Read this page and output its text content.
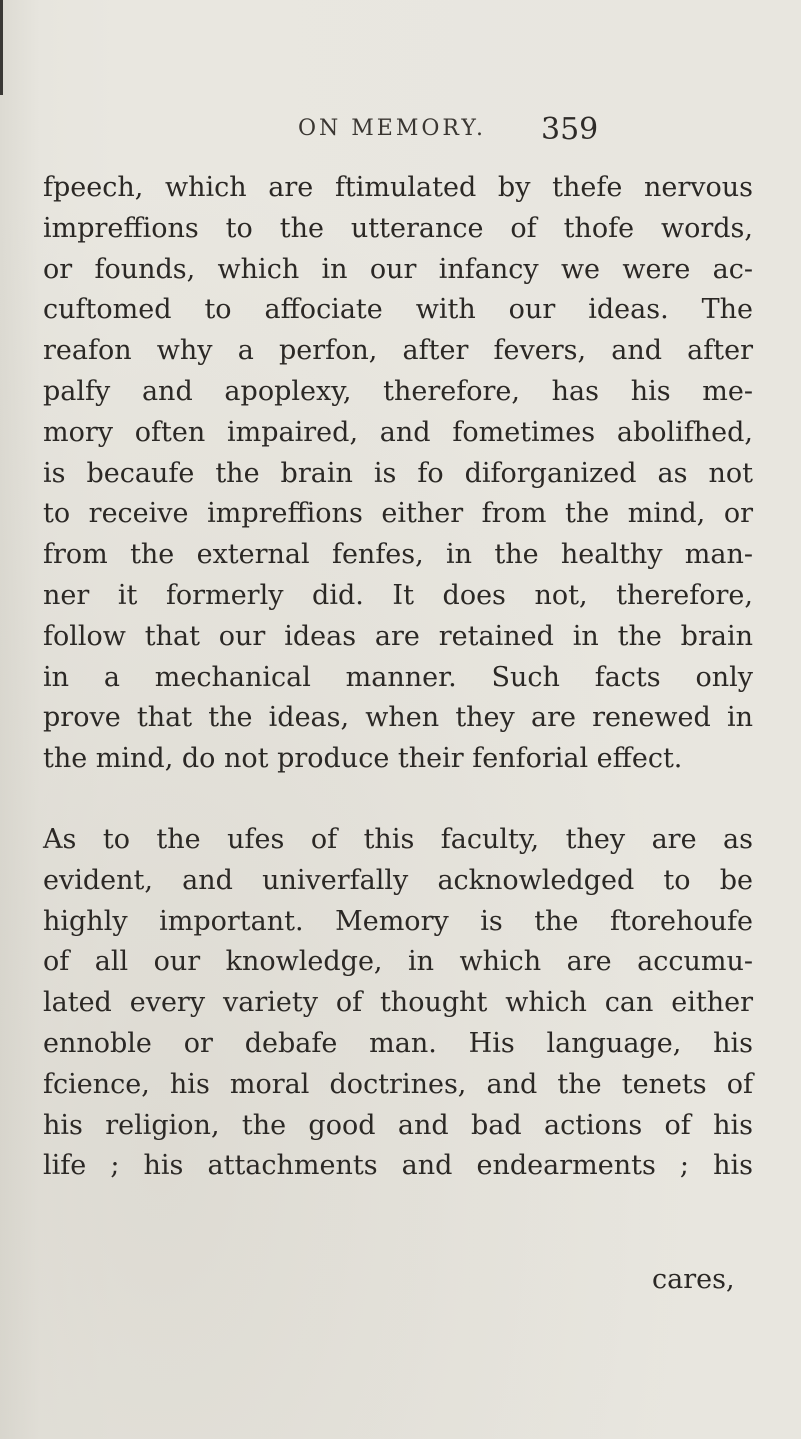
ON MEMORY. 359

fpeech, which are ftimulated by thefe nervous

impreffions to the utterance of thofe words,

or founds, which in our infancy we were ac-

cuftomed to affociate with our ideas. The

reafon why a perfon, after fevers, and after

palfy and apoplexy, therefore, has his me-

mory often impaired, and fometimes abolifhed,

is becaufe the brain is fo diforganized as not

to receive impreffions either from the mind, or

from the external fenfes, in the healthy man-

ner it formerly did. It does not, therefore,

follow that our ideas are retained in the brain

in a mechanical manner. Such facts only

prove that the ideas, when they are renewed in

the mind, do not produce their fenforial effect.

As to the ufes of this faculty, they are as

evident, and univerfally acknowledged to be

highly important. Memory is the ftorehoufe

of all our knowledge, in which are accumu-

lated every variety of thought which can either

ennoble or debafe man. His language, his

fcience, his moral doctrines, and the tenets of

his religion, the good and bad actions of his

life ; his attachments and endearments ; his

cares,
